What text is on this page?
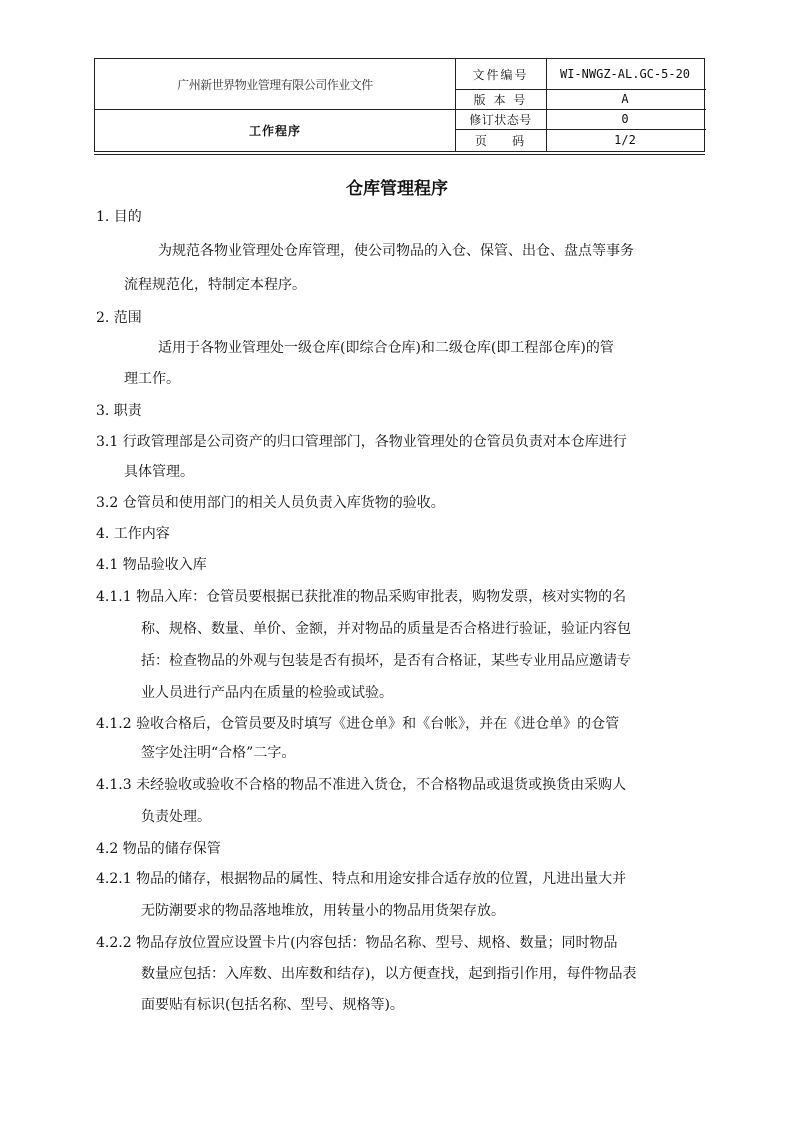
广州新世界物业管理有限公司作业文件
工作程序
文件编号	WI-NWGZ-AL.GC-5-20
版 本 号	A
修订状态号	0
页    码	1/2
仓库管理程序
1. 目的
为规范各物业管理处仓库管理，使公司物品的入仓、保管、出仓、盘点等事务
流程规范化，特制定本程序。
2. 范围
适用于各物业管理处一级仓库(即综合仓库)和二级仓库(即工程部仓库)的管
理工作。
3. 职责
3.1 行政管理部是公司资产的归口管理部门，各物业管理处的仓管员负责对本仓库进行
具体管理。
3.2 仓管员和使用部门的相关人员负责入库货物的验收。
4. 工作内容
4.1 物品验收入库
4.1.1 物品入库：仓管员要根据已获批准的物品采购审批表，购物发票，核对实物的名
称、规格、数量、单价、金额，并对物品的质量是否合格进行验证，验证内容包
括：检查物品的外观与包装是否有损坏，是否有合格证，某些专业用品应邀请专
业人员进行产品内在质量的检验或试验。
4.1.2 验收合格后，仓管员要及时填写《进仓单》和《台帐》，并在《进仓单》的仓管
签字处注明“合格”二字。
4.1.3 未经验收或验收不合格的物品不准进入货仓，不合格物品或退货或换货由采购人
负责处理。
4.2 物品的储存保管
4.2.1 物品的储存，根据物品的属性、特点和用途安排合适存放的位置，凡进出量大并
无防潮要求的物品落地堆放，用转量小的物品用货架存放。
4.2.2 物品存放位置应设置卡片(内容包括：物品名称、型号、规格、数量；同时物品
数量应包括：入库数、出库数和结存)，以方便查找，起到指引作用，每件物品表
面要贴有标识(包括名称、型号、规格等)。
